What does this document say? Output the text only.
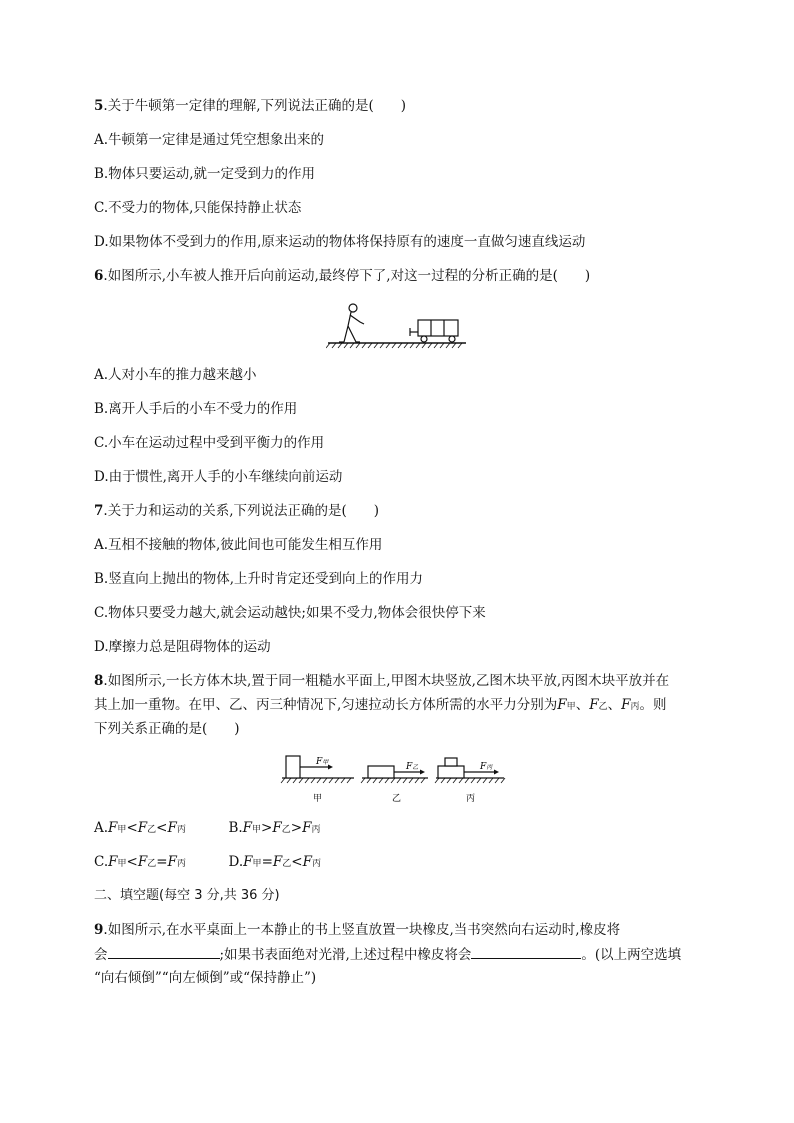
5.关于牛顿第一定律的理解,下列说法正确的是(　　)
A.牛顿第一定律是通过凭空想象出来的
B.物体只要运动,就一定受到力的作用
C.不受力的物体,只能保持静止状态
D.如果物体不受到力的作用,原来运动的物体将保持原有的速度一直做匀速直线运动
6.如图所示,小车被人推开后向前运动,最终停下了,对这一过程的分析正确的是(　　)
A.人对小车的推力越来越小
B.离开人手后的小车不受力的作用
C.小车在运动过程中受到平衡力的作用
D.由于惯性,离开人手的小车继续向前运动
7.关于力和运动的关系,下列说法正确的是(　　)
A.互相不接触的物体,彼此间也可能发生相互作用
B.竖直向上抛出的物体,上升时肯定还受到向上的作用力
C.物体只要受力越大,就会运动越快;如果不受力,物体会很快停下来
D.摩擦力总是阻碍物体的运动
8.如图所示,一长方体木块,置于同一粗糙水平面上,甲图木块竖放,乙图木块平放,丙图木块平放并在
其上加一重物。在甲、乙、丙三种情况下,匀速拉动长方体所需的水平力分别为F甲、F乙、F丙。则
下列关系正确的是(　　)
F甲	F乙	F丙
甲	乙	丙
A.F甲<F乙<F丙	B.F甲>F乙>F丙
C.F甲<F乙=F丙	D.F甲=F乙<F丙
二、填空题(每空 3 分,共 36 分)
9.如图所示,在水平桌面上一本静止的书上竖直放置一块橡皮,当书突然向右运动时,橡皮将
会	;如果书表面绝对光滑,上述过程中橡皮将会	。(以上两空选填
“向右倾倒”“向左倾倒”或“保持静止”)
